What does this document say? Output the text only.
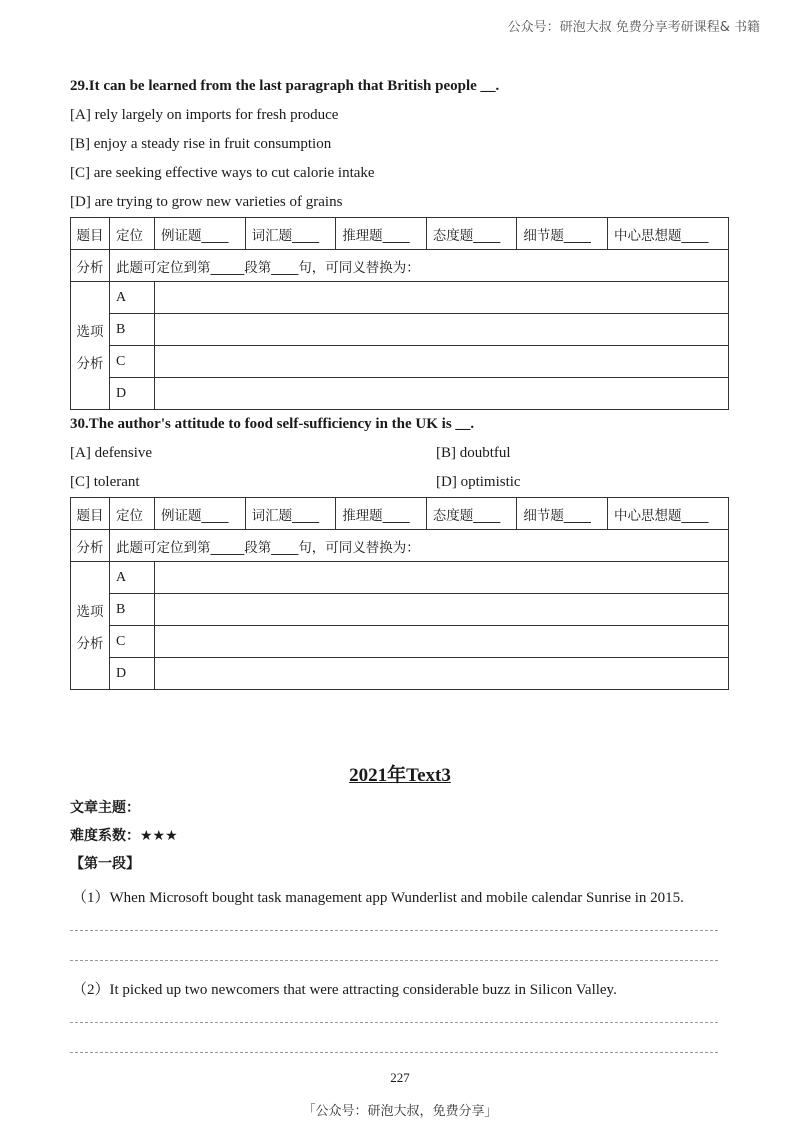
公众号：研泡大叔 免费分享考研课程& 书籍
29.It can be learned from the last paragraph that British people __.
[A] rely largely on imports for fresh produce
[B] enjoy a steady rise in fruit consumption
[C] are seeking effective ways to cut calorie intake
[D] are trying to grow new varieties of grains
题目	定位	例证题____	词汇题____	推理题____	态度题____	细节题____	中心思想题____
分析	此题可定位到第_____段第____句，可同义替换为：						

选项
分析	A						
	B						
	C						
	D						
30.The author's attitude to food self-sufficiency in the UK is __.
[A] defensive	[B] doubtful
[C] tolerant	[D] optimistic
题目	定位	例证题____	词汇题____	推理题____	态度题____	细节题____	中心思想题____
分析	此题可定位到第_____段第____句，可同义替换为：						

选项
分析	A						
	B						
	C						
	D						
2021年Text3
文章主题：
难度系数：★★★
【第一段】
（1）When Microsoft bought task management app Wunderlist and mobile calendar Sunrise in 2015.
（2）It picked up two newcomers that were attracting considerable buzz in Silicon Valley.
227
「公众号：研泡大叔，免费分享」
